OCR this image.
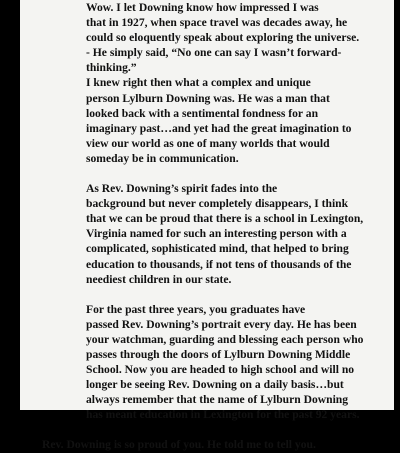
Wow. I let Downing know how impressed I was
that in 1927, when space travel was decades away, he
could so eloquently speak about exploring the universe.
- He simply said, “No one can say I wasn’t forward-
thinking.”
I knew right then what a complex and unique
person Lylburn Downing was. He was a man that
looked back with a sentimental fondness for an
imaginary past…and yet had the great imagination to
view our world as one of many worlds that would
someday be in communication.
As Rev. Downing’s spirit fades into the
background but never completely disappears, I think
that we can be proud that there is a school in Lexington,
Virginia named for such an interesting person with a
complicated, sophisticated mind, that helped to bring
education to thousands, if not tens of thousands of the
neediest children in our state.
For the past three years, you graduates have
passed Rev. Downing’s portrait every day. He has been
your watchman, guarding and blessing each person who
passes through the doors of Lylburn Downing Middle
School. Now you are headed to high school and will no
longer be seeing Rev. Downing on a daily basis…but
always remember that the name of Lylburn Downing
has meant education in Lexington for the past 92 years.
Rev. Downing is so proud of you. He told me to tell you.
